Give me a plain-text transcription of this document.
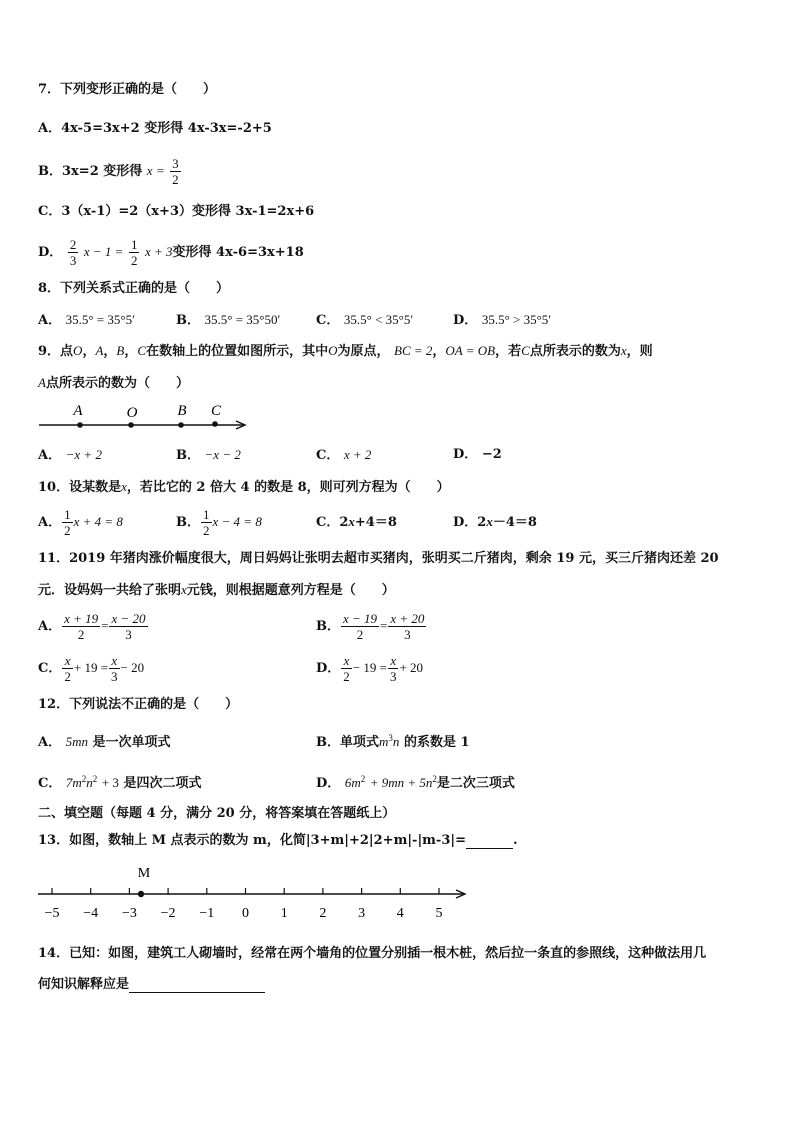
7．下列变形正确的是（　　）
A．4x-5=3x+2 变形得 4x-3x=-2+5
B．3x=2 变形得 $x = \frac{3}{2}$
C．3（x-1）=2（x+3）变形得 3x-1=2x+6
D． $\frac{2}{3}$ $x - 1 = \frac{1}{2}$ x + 3变形得 4x-6=3x+18
8．下列关系式正确的是（　　）
A． 35.5° = 35°5′	B． 35.5° = 35°50′	C． 35.5° < 35°5′	D． 35.5° > 35°5′
9．点O，A，B，C在数轴上的位置如图所示，其中O为原点， BC = 2，OA = OB，若C点所表示的数为x，则
A点所表示的数为（　　）
A	O	B C
A． −x + 2	B． −x − 2	C． x + 2	D． −2
10．设某数是x，若比它的 2 倍大 4 的数是 8，则可列方程为（　　）
A． $\frac{1}{2}$ x + 4 = 8	B． $\frac{1}{2}$ x − 4 = 8	C．2x+4＝8	D．2x－4＝8
11．2019 年猪肉涨价幅度很大，周日妈妈让张明去超市买猪肉，张明买二斤猪肉，剩余 19 元，买三斤猪肉还差 20
元．设妈妈一共给了张明x元钱，则根据题意列方程是（　　）
A． $\frac{x + 19}{2} = \frac{x - 20}{3}$	B． $\frac{x - 19}{2} = \frac{x + 20}{3}$
C． $\frac{x}{2} + 19 = \frac{x}{3} - 20$	D． $\frac{x}{2} - 19 = \frac{x}{3} + 20$
12．下列说法不正确的是（　　）
A． 5mn 是一次单项式	B．单项式$m^3n$ 的系数是 1
C． $7m^2n^2 + 3$ 是四次二项式	D． $6m^2 + 9mn + 5n^2$是二次三项式
二、填空题（每题 4 分，满分 20 分，将答案填在答题纸上）
13．如图，数轴上 M 点表示的数为 m，化简|3+m|+2|2+m|-|m-3|=	.
−5 −4 −3 −2 −1 0 1 2 3 4 5
M
14．已知：如图，建筑工人砌墙时，经常在两个墙角的位置分别插一根木桩，然后拉一条直的参照线，这种做法用几
何知识解释应是
